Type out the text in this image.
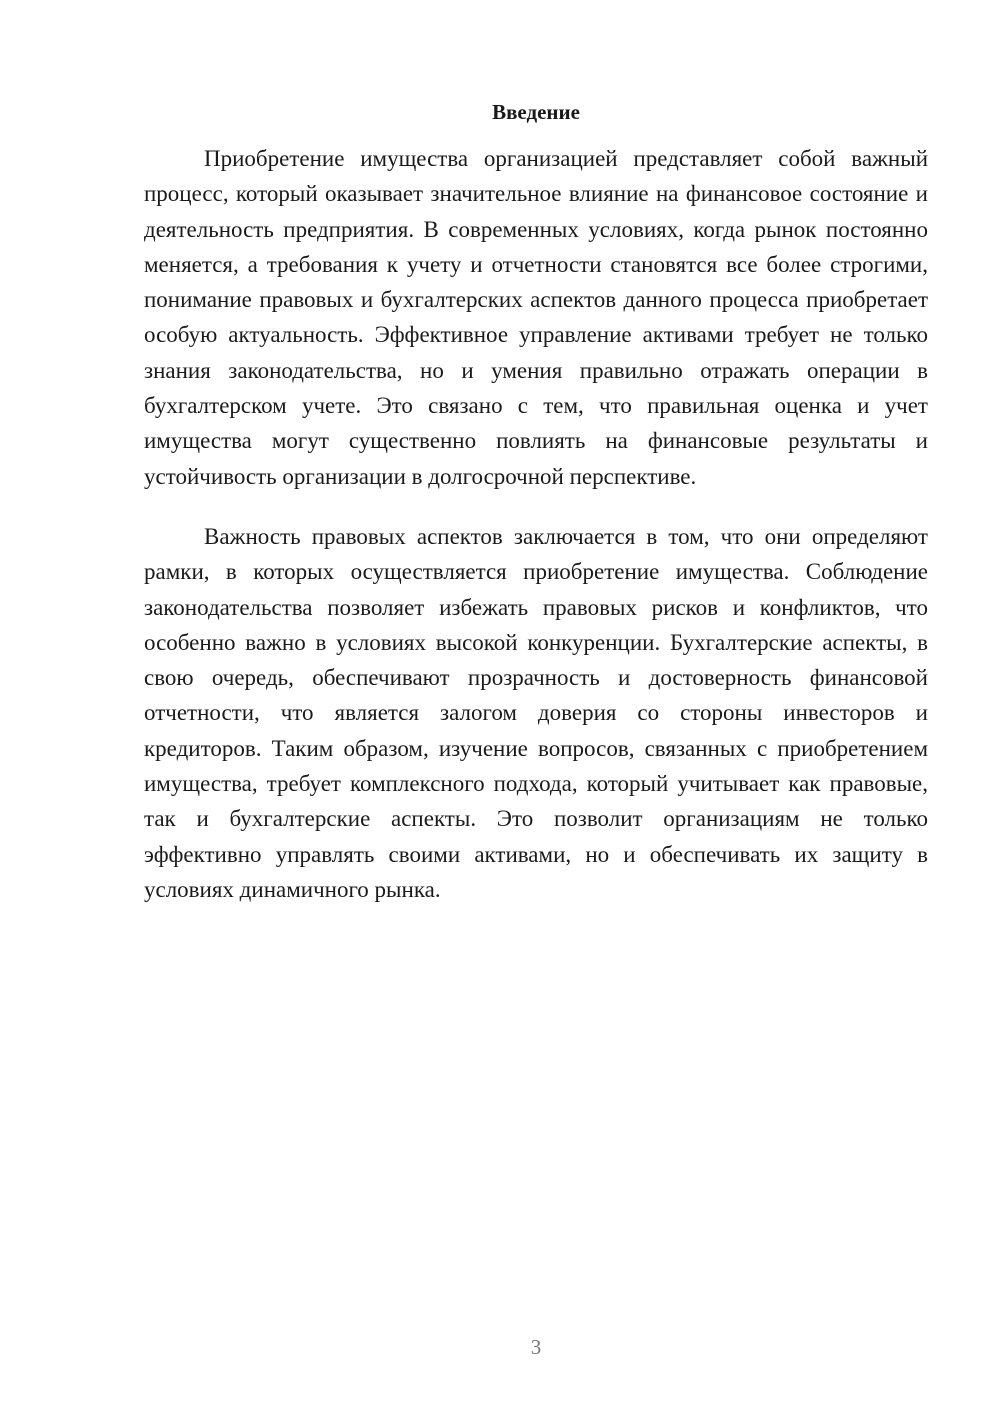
Введение

Приобретение имущества организацией представляет собой важный процесс, который оказывает значительное влияние на финансовое состояние и деятельность предприятия. В современных условиях, когда рынок постоянно меняется, а требования к учету и отчетности становятся все более строгими, понимание правовых и бухгалтерских аспектов данного процесса приобретает особую актуальность. Эффективное управление активами требует не только знания законодательства, но и умения правильно отражать операции в бухгалтерском учете. Это связано с тем, что правильная оценка и учет имущества могут существенно повлиять на финансовые результаты и устойчивость организации в долгосрочной перспективе.

Важность правовых аспектов заключается в том, что они определяют рамки, в которых осуществляется приобретение имущества. Соблюдение законодательства позволяет избежать правовых рисков и конфликтов, что особенно важно в условиях высокой конкуренции. Бухгалтерские аспекты, в свою очередь, обеспечивают прозрачность и достоверность финансовой отчетности, что является залогом доверия со стороны инвесторов и кредиторов. Таким образом, изучение вопросов, связанных с приобретением имущества, требует комплексного подхода, который учитывает как правовые, так и бухгалтерские аспекты. Это позволит организациям не только эффективно управлять своими активами, но и обеспечивать их защиту в условиях динамичного рынка.

3
